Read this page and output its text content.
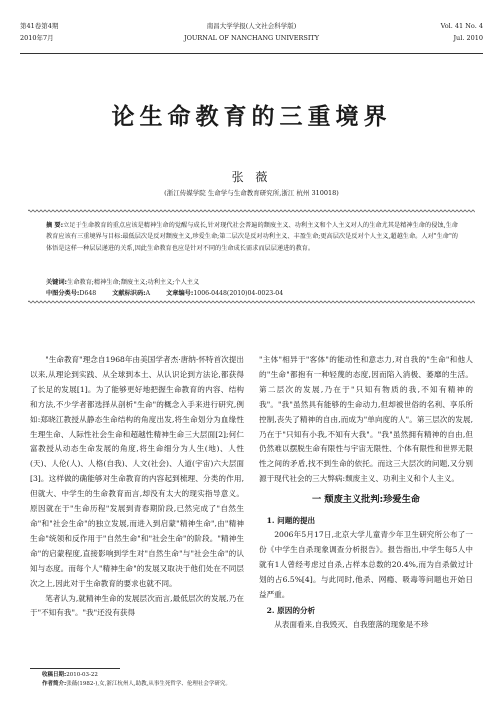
第41卷第4期
2010年7月
南昌大学学报(人文社会科学版)
JOURNAL OF NANCHANG UNIVERSITY
Vol. 41 No. 4
Jul. 2010
论生命教育的三重境界
张 薇
(浙江传媒学院 生命学与生命教育研究所,浙江 杭州 310018)
摘 要:立足于生命教育的重点应该是精神生命的觉醒与成长,针对现代社会普遍的颓废主义、功利主义和个人主义对人的生命尤其是精神生命的侵蚀,生命教育应该有三重境界与目标:最低层次是反对颓废主义,珍爱生命;第二层次是反对功利主义、丰盈生命;更高层次是反对个人主义,超越生命。人对"生命"的体悟是这样一种层层递进的关系,因此生命教育也应是针对不同的生命成长需求而层层递进的教育。
关键词:生命教育;精神生命;颓废主义;功利主义;个人主义
中图分类号:D648	文献标识码:A	文章编号:1006-0448(2010)04-0023-04

"生命教育"理念自1968年由美国学者杰·唐纳·怀特首次提出以来,从理论到实践、从全球到本土、从认识论到方法论,都获得了长足的发展[1]。为了能够更好地把握生命教育的内容、结构和方法,不少学者都选择从剖析"生命"的概念入手来进行研究,例如:郑晓江教授从静态生命结构的角度出发,将生命划分为血缘性生理生命、人际性社会生命和超越性精神生命三大层面[2];何仁富教授从动态生命发展的角度,将生命细分为人生(地)、人性(天)、人伦(人)、人格(自我)、人文(社会)、人道(宇宙)六大层面[3]。这样做的确能够对生命教育的内容起到梳理、分类的作用,但就大、中学生的生命教育而言,却没有太大的现实指导意义。原因就在于"生命历程"发展到青春期阶段,已然完成了"自然生命"和"社会生命"的独立发展,而进入到启蒙"精神生命",由"精神生命"统领和反作用于"自然生命"和"社会生命"的阶段。"精神生命"的启蒙程度,直接影响到学生对"自然生命"与"社会生命"的认知与态度。而每个人"精神生命"的发展又取决于他们处在不同层次之上,因此对于生命教育的要求也就不同。

笔者认为,就精神生命的发展层次而言,最低层次的发展,乃在于"不知有我"。"我"还没有获得

"主体"相异于"客体"的能动性和意志力,对自我的"生命"和他人的"生命"都抱有一种轻蔑的态度,因而陷入消极、萎靡的生活。第二层次的发展,乃在于"只知有物质的我,不知有精神的我"。"我"虽然具有能够的生命动力,但却被世俗的名利、享乐所控制,丧失了精神的自由,而成为"单向度的人"。第三层次的发展,乃在于"只知有小我,不知有大我"。"我"虽然拥有精神的自由,但仍然难以摆脱生命有限性与宇宙无限性、个体有限性和世界无限性之间的矛盾,找不到生命的依托。而这三大层次的问题,又分别源于现代社会的三大弊病:颓废主义、功利主义和个人主义。

一 颓废主义批判:珍爱生命
1. 问题的提出

2006年5月17日,北京大学儿童青少年卫生研究所公布了一份《中学生自杀现象调查分析报告》。报告指出,中学生每5人中就有1人曾经考虑过自杀,占样本总数的20.4%,而为自杀做过计划的占6.5%[4]。与此同时,他杀、网瘾、吸毒等问题也开始日益严重。

2. 原因的分析

从表面看来,自我毁灭、自我堕落的现象是不珍

收稿日期:2010-03-22
作者简介:张薇(1982-),女,浙江杭州人,助教,从事生死哲学、伦理社会学研究。
